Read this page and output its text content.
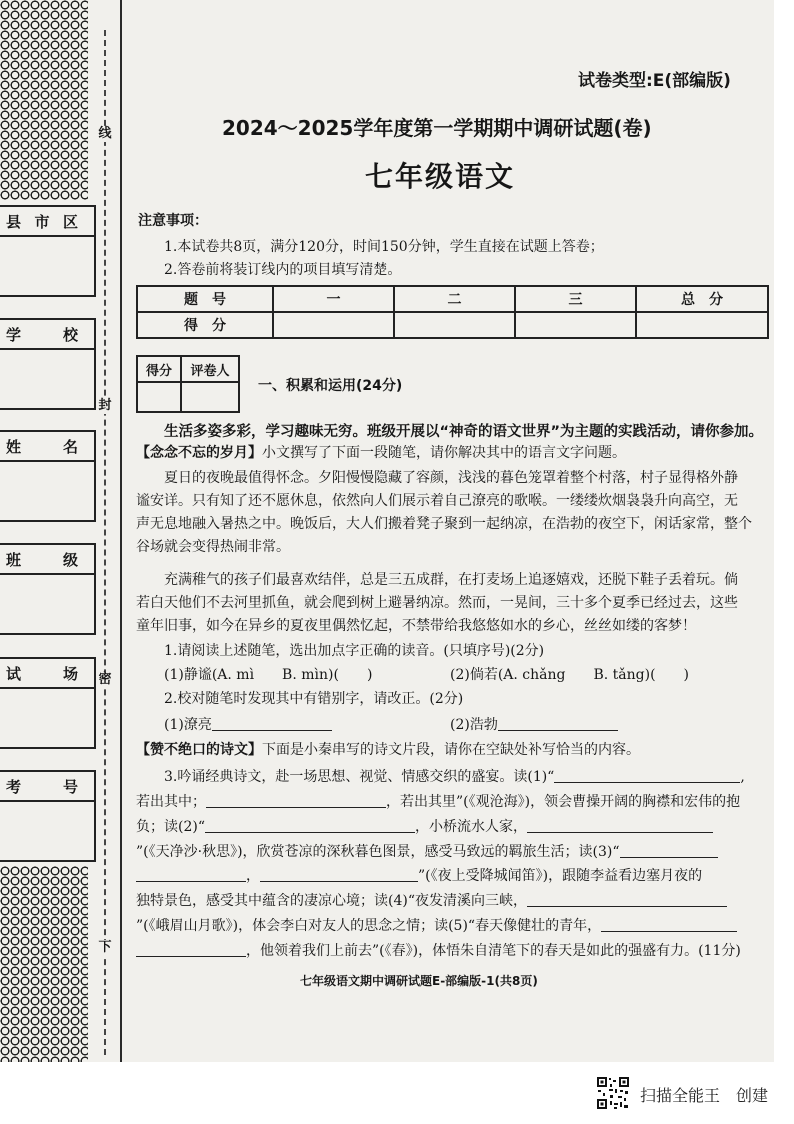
线
封
密
下
县 市 区
学	校
姓	名
班	级
试	场
考	号
试卷类型:E(部编版)
2024～2025学年度第一学期期中调研试题(卷)
七年级语文
注意事项：
1.本试卷共8页，满分120分，时间150分钟，学生直接在试题上答卷；
2.答卷前将装订线内的项目填写清楚。
题　号	一	二	三	总　分
得　分				
得分	评卷人

一、积累和运用(24分)
生活多姿多彩，学习趣味无穷。班级开展以“神奇的语文世界”为主题的实践活动，请你参加。
【念念不忘的岁月】小文撰写了下面一段随笔，请你解决其中的语言文字问题。
夏日的夜晚最值得怀念。夕阳慢慢隐藏了容颜，浅浅的暮色笼罩着整个村落，村子显得格外静
谧安详。只有知了还不愿休息，依然向人们展示着自己潦亮的歌喉。一缕缕炊烟袅袅升向高空，无
声无息地融入暑热之中。晚饭后，大人们搬着凳子聚到一起纳凉，在浩勃的夜空下，闲话家常，整个
谷场就会变得热闹非常。
充满稚气的孩子们最喜欢结伴，总是三五成群，在打麦场上追逐嬉戏，还脱下鞋子丢着玩。倘
若白天他们不去河里抓鱼，就会爬到树上避暑纳凉。然而，一晃间，三十多个夏季已经过去，这些
童年旧事，如今在异乡的夏夜里偶然忆起，不禁带给我悠悠如水的乡心，丝丝如缕的客梦！
1.请阅读上述随笔，选出加点字正确的读音。(只填序号)(2分)
(1)静谧(A. mì　　B. mìn)(　　)	(2)倘若(A. chǎng　　B. tǎng)(　　)
2.校对随笔时发现其中有错别字，请改正。(2分)
(1)潦亮	(2)浩勃
【赞不绝口的诗文】下面是小秦串写的诗文片段，请你在空缺处补写恰当的内容。
3.吟诵经典诗文，赴一场思想、视觉、情感交织的盛宴。读(1)“	,
若出其中；	，若出其里”(《观沧海》)，领会曹操开阔的胸襟和宏伟的抱
负；读(2)“	，小桥流水人家，
”(《天净沙·秋思》)，欣赏苍凉的深秋暮色图景，感受马致远的羁旅生活；读(3)“
，	”(《夜上受降城闻笛》)，跟随李益看边塞月夜的
独特景色，感受其中蕴含的凄凉心境；读(4)“夜发清溪向三峡，
”(《峨眉山月歌》)，体会李白对友人的思念之情；读(5)“春天像健壮的青年，
，他领着我们上前去”(《春》)，体悟朱自清笔下的春天是如此的强盛有力。(11分)
七年级语文期中调研试题E-部编版-1(共8页)
扫描全能王　创建
